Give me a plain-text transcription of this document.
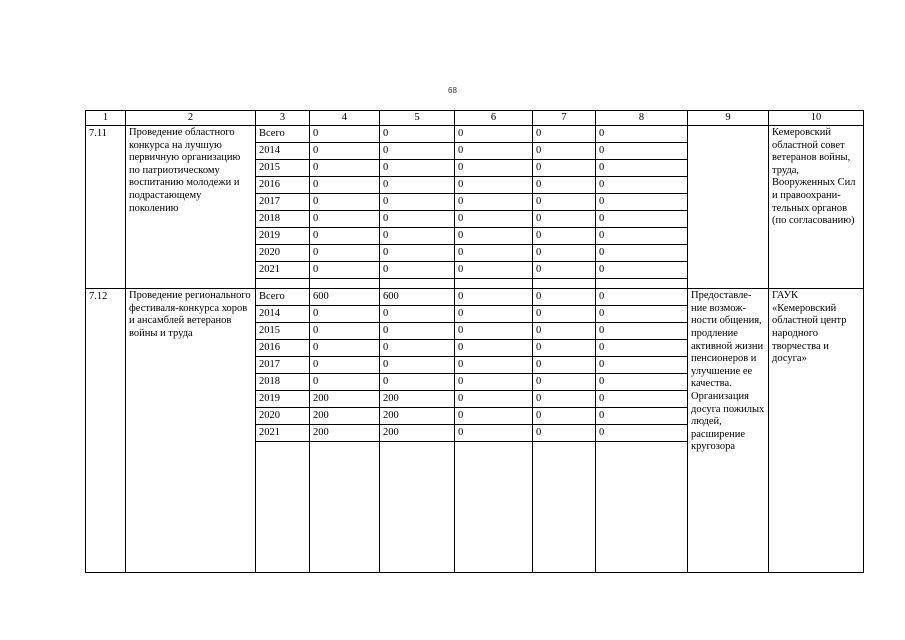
68
1	2	3	4	5	6	7	8	9	10
7.11	Проведение областного конкурса на лучшую первичную организацию по патриотическому воспитанию молодежи и подрастающему поколению	Всего	0	0	0	0	0		Кемеровский областной совет ветеранов войны, труда, Вооруженных Сил и правоохрани-тельных органов (по согласованию)
		2014	0	0	0	0	0		
		2015	0	0	0	0	0		
		2016	0	0	0	0	0		
		2017	0	0	0	0	0		
		2018	0	0	0	0	0		
		2019	0	0	0	0	0		
		2020	0	0	0	0	0		
		2021	0	0	0	0	0		

7.12	Проведение регионального фестиваля-конкурса хоров и ансамблей ветеранов войны и труда	Всего	600	600	0	0	0	Предоставле-ние возмож-ности общения, продление активной жизни пенсионеров и улучшение ее качества. Организация досуга пожилых людей, расширение кругозора	ГАУК «Кемеровский областной центр народного творчества и досуга»
		2014	0	0	0	0	0		
		2015	0	0	0	0	0		
		2016	0	0	0	0	0		
		2017	0	0	0	0	0		
		2018	0	0	0	0	0		
		2019	200	200	0	0	0		
		2020	200	200	0	0	0		
		2021	200	200	0	0	0		
